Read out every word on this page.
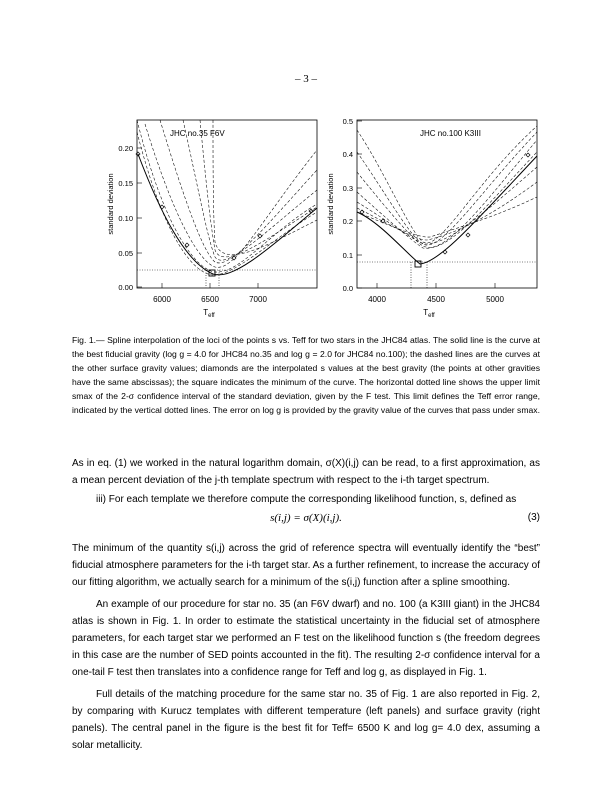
– 3 –
JHC no.35 F6V
6000	6500	7000
0.00
0.05
0.10
0.15
0.20
$T_{eff}$
standard deviation
JHC no.100 K3III
4000	4500	5000
0.0
0.1
0.2
0.3
0.4
0.5
$T_{eff}$
standard deviation
Fig. 1.— Spline interpolation of the loci of the points s vs. Teff for two stars in the JHC84 atlas. The solid line is the curve at the best fiducial gravity (log g = 4.0 for JHC84 no.35 and log g = 2.0 for JHC84 no.100); the dashed lines are the curves at the other surface gravity values; diamonds are the interpolated s values at the best gravity (the points at other gravities have the same abscissas); the square indicates the minimum of the curve. The horizontal dotted line shows the upper limit smax of the 2-σ confidence interval of the standard deviation, given by the F test. This limit defines the Teff error range, indicated by the vertical dotted lines. The error on log g is provided by the gravity value of the curves that pass under smax.
As in eq. (1) we worked in the natural logarithm domain, σ(X)(i,j) can be read, to a first approximation, as a mean percent deviation of the j-th template spectrum with respect to the i-th target spectrum.
iii) For each template we therefore compute the corresponding likelihood function, s, defined as
s(i,j) = σ(X)(i,j).	(3)
The minimum of the quantity s(i,j) across the grid of reference spectra will eventually identify the “best” fiducial atmosphere parameters for the i-th target star. As a further refinement, to increase the accuracy of our fitting algorithm, we actually search for a minimum of the s(i,j) function after a spline smoothing.
An example of our procedure for star no. 35 (an F6V dwarf) and no. 100 (a K3III giant) in the JHC84 atlas is shown in Fig. 1. In order to estimate the statistical uncertainty in the fiducial set of atmosphere parameters, for each target star we performed an F test on the likelihood function s (the freedom degrees in this case are the number of SED points accounted in the fit). The resulting 2-σ confidence interval for a one-tail F test then translates into a confidence range for Teff and log g, as displayed in Fig. 1.
Full details of the matching procedure for the same star no. 35 of Fig. 1 are also reported in Fig. 2, by comparing with Kurucz templates with different temperature (left panels) and surface gravity (right panels). The central panel in the figure is the best fit for Teff= 6500 K and log g= 4.0 dex, assuming a solar metallicity.
